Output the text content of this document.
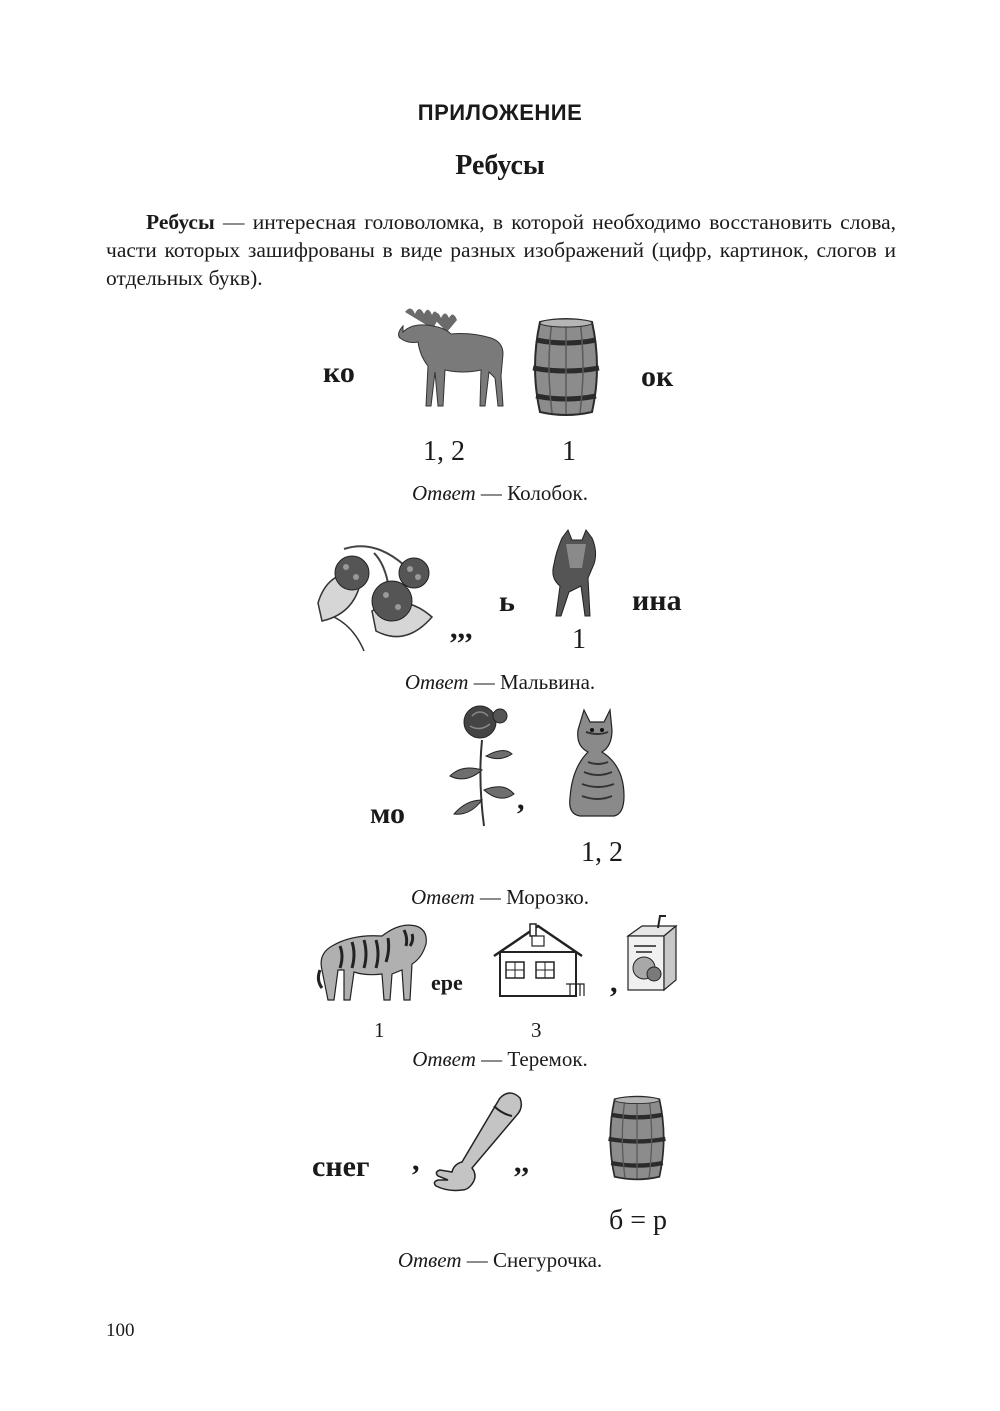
ПРИЛОЖЕНИЕ
Ребусы
Ребусы — интересная головоломка, в которой необходимо восстановить слова, части которых зашифрованы в виде разных изображений (цифр, картинок, слогов и отдельных букв).
ко	ок
1, 2	1
Ответ — Колобок.
,,,
ь	ина
1
Ответ — Мальвина.
мо	,
1, 2
Ответ — Морозко.
ере	,
1	3
Ответ — Теремок.
снег ,	,,
б = р
Ответ — Снегурочка.
100
